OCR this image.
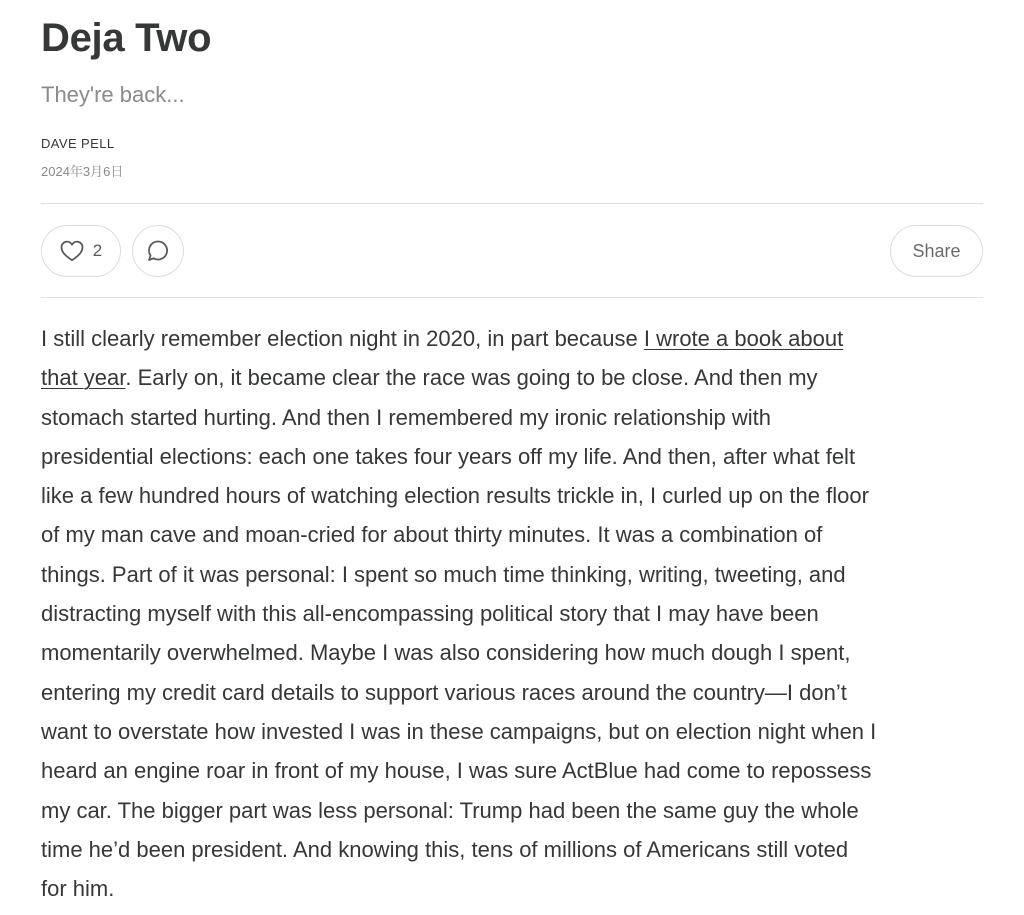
Deja Two
They're back...
DAVE PELL
2024年3月6日
2	Share
I still clearly remember election night in 2020, in part because I wrote a book about
that year. Early on, it became clear the race was going to be close. And then my
stomach started hurting. And then I remembered my ironic relationship with
presidential elections: each one takes four years off my life. And then, after what felt
like a few hundred hours of watching election results trickle in, I curled up on the floor
of my man cave and moan-cried for about thirty minutes. It was a combination of
things. Part of it was personal: I spent so much time thinking, writing, tweeting, and
distracting myself with this all-encompassing political story that I may have been
momentarily overwhelmed. Maybe I was also considering how much dough I spent,
entering my credit card details to support various races around the country—I don’t
want to overstate how invested I was in these campaigns, but on election night when I
heard an engine roar in front of my house, I was sure ActBlue had come to repossess
my car. The bigger part was less personal: Trump had been the same guy the whole
time he’d been president. And knowing this, tens of millions of Americans still voted
for him.
